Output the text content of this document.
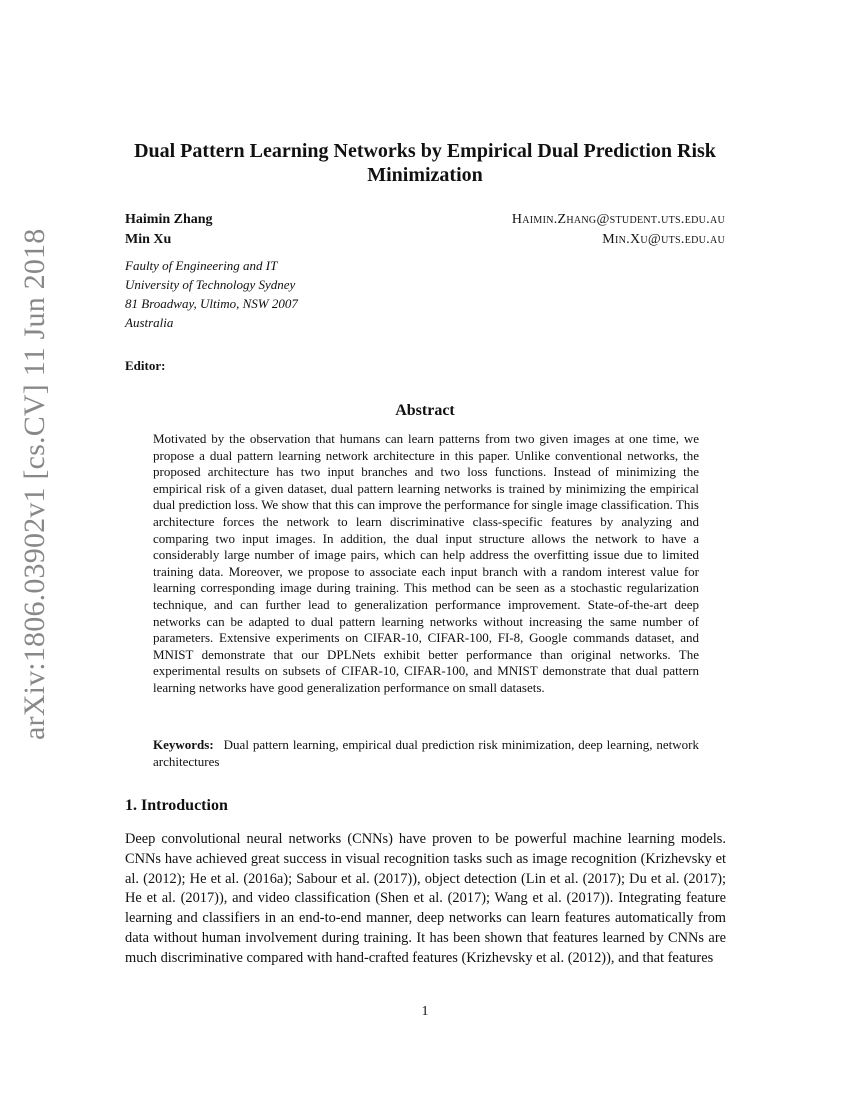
arXiv:1806.03902v1 [cs.CV] 11 Jun 2018
Dual Pattern Learning Networks by Empirical Dual Prediction Risk Minimization
Haimin Zhang	Haimin.Zhang@student.uts.edu.au
Min Xu	Min.Xu@uts.edu.au
Faulty of Engineering and IT
University of Technology Sydney
81 Broadway, Ultimo, NSW 2007
Australia
Editor:
Abstract
Motivated by the observation that humans can learn patterns from two given images at one time, we propose a dual pattern learning network architecture in this paper. Unlike conventional networks, the proposed architecture has two input branches and two loss functions. Instead of minimizing the empirical risk of a given dataset, dual pattern learning networks is trained by minimizing the empirical dual prediction loss. We show that this can improve the performance for single image classification. This architecture forces the network to learn discriminative class-specific features by analyzing and comparing two input images. In addition, the dual input structure allows the network to have a considerably large number of image pairs, which can help address the overfitting issue due to limited training data. Moreover, we propose to associate each input branch with a random interest value for learning corresponding image during training. This method can be seen as a stochastic regularization technique, and can further lead to generalization performance improvement. State-of-the-art deep networks can be adapted to dual pattern learning networks without increasing the same number of parameters. Extensive experiments on CIFAR-10, CIFAR-100, FI-8, Google commands dataset, and MNIST demonstrate that our DPLNets exhibit better performance than original networks. The experimental results on subsets of CIFAR-10, CIFAR-100, and MNIST demonstrate that dual pattern learning networks have good generalization performance on small datasets.
Keywords: Dual pattern learning, empirical dual prediction risk minimization, deep learning, network architectures
1. Introduction
Deep convolutional neural networks (CNNs) have proven to be powerful machine learning models. CNNs have achieved great success in visual recognition tasks such as image recognition (Krizhevsky et al. (2012); He et al. (2016a); Sabour et al. (2017)), object detection (Lin et al. (2017); Du et al. (2017); He et al. (2017)), and video classification (Shen et al. (2017); Wang et al. (2017)). Integrating feature learning and classifiers in an end-to-end manner, deep networks can learn features automatically from data without human involvement during training. It has been shown that features learned by CNNs are much discriminative compared with hand-crafted features (Krizhevsky et al. (2012)), and that features
1
